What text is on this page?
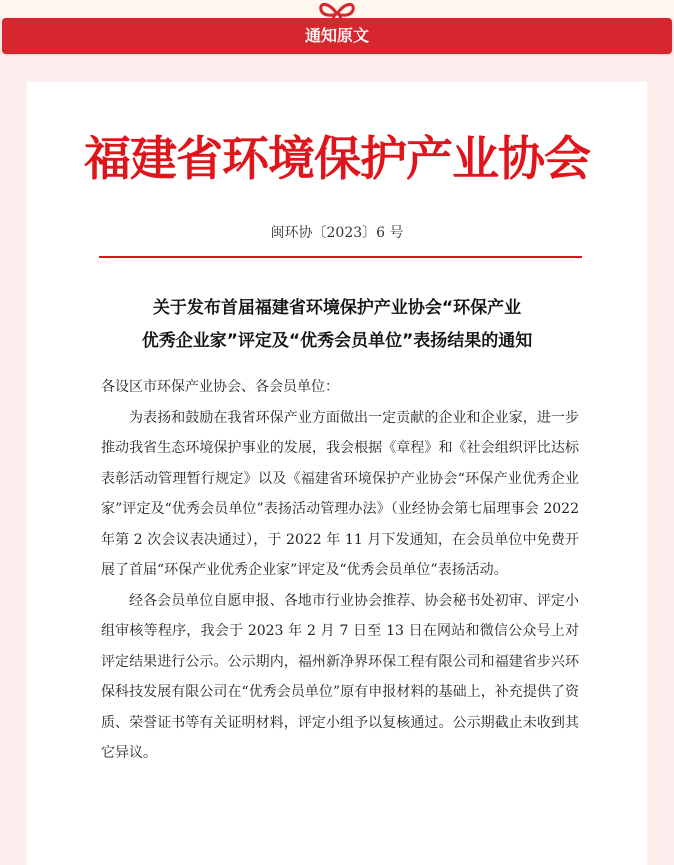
通知原文
福建省环境保护产业协会
闽环协〔2023〕6 号
关于发布首届福建省环境保护产业协会“环保产业
优秀企业家”评定及“优秀会员单位”表扬结果的通知

各设区市环保产业协会、各会员单位：

为表扬和鼓励在我省环保产业方面做出一定贡献的企业和企业家，进一步推动我省生态环境保护事业的发展，我会根据《章程》和《社会组织评比达标表彰活动管理暂行规定》以及《福建省环境保护产业协会“环保产业优秀企业家”评定及“优秀会员单位”表扬活动管理办法》（业经协会第七届理事会 2022 年第 2 次会议表决通过），于 2022 年 11 月下发通知，在会员单位中免费开展了首届“环保产业优秀企业家”评定及“优秀会员单位”表扬活动。

经各会员单位自愿申报、各地市行业协会推荐、协会秘书处初审、评定小组审核等程序，我会于 2023 年 2 月 7 日至 13 日在网站和微信公众号上对评定结果进行公示。公示期内，福州新净界环保工程有限公司和福建省步兴环保科技发展有限公司在“优秀会员单位”原有申报材料的基础上，补充提供了资质、荣誉证书等有关证明材料，评定小组予以复核通过。公示期截止未收到其它异议。
